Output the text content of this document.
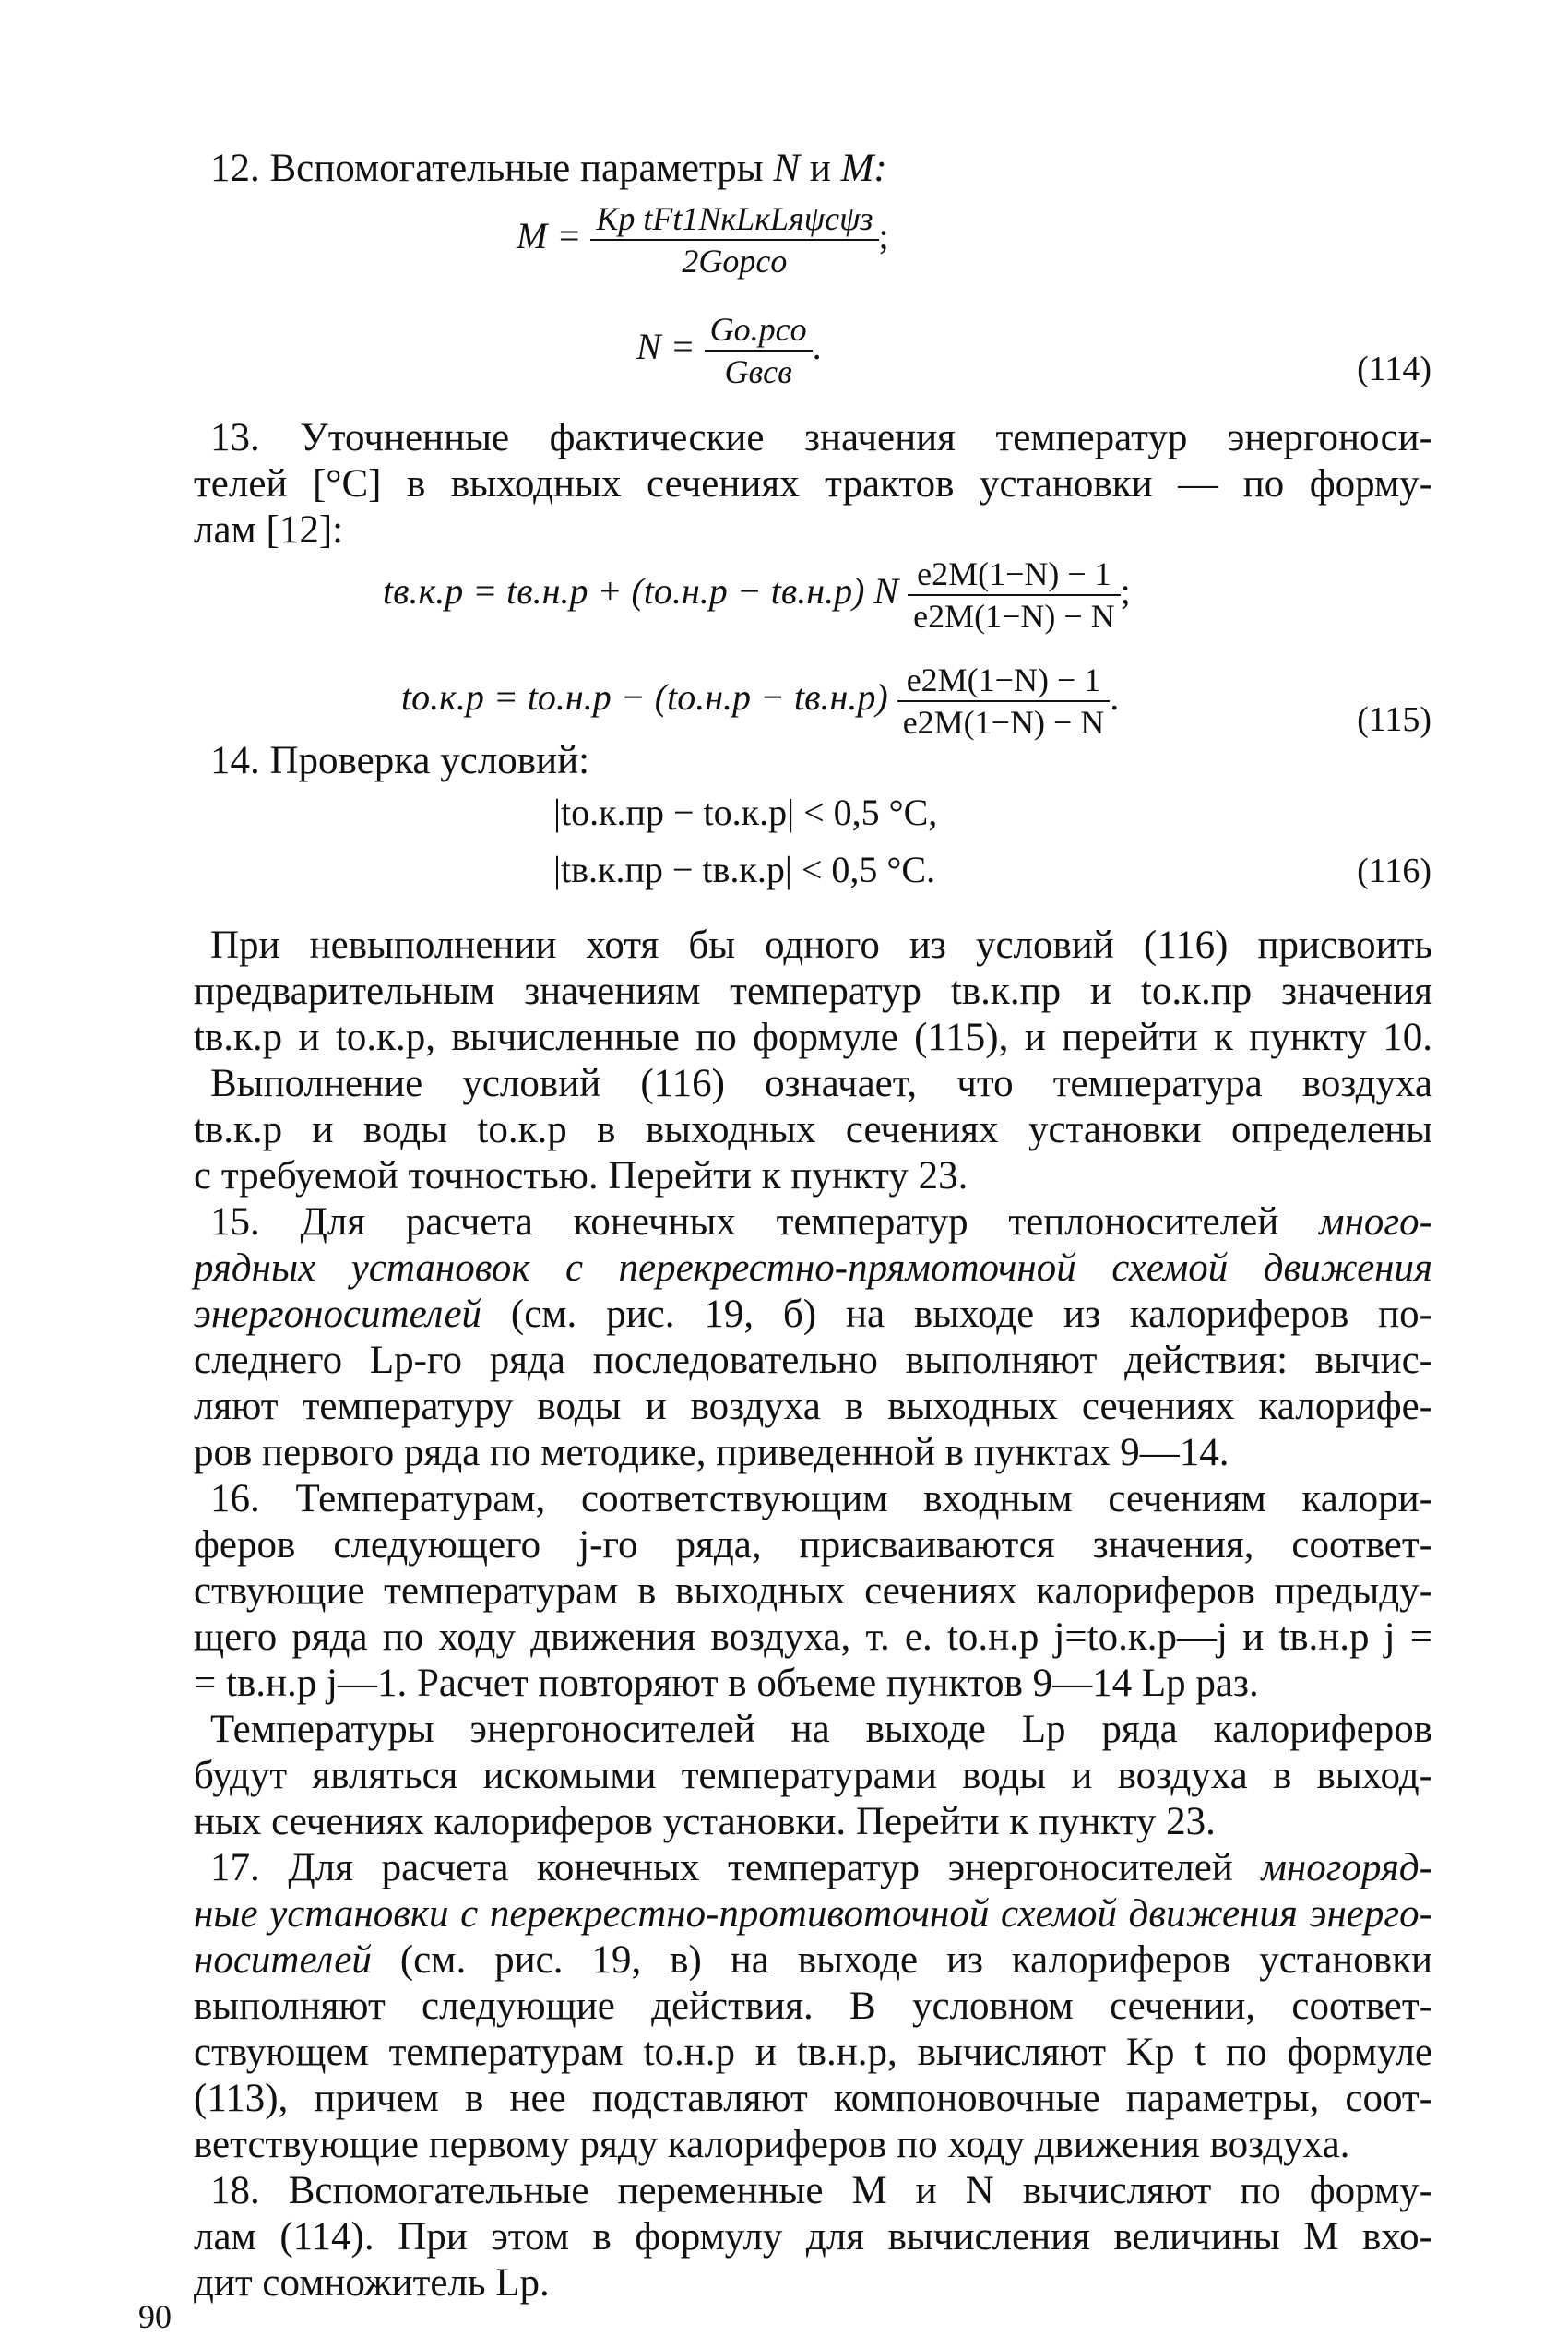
12. Вспомогательные параметры N и M:
$M = \frac{\text{Kр tFt1NкLкLяψсψз}}{\text{2Gорcо}}$ ;
$N = \frac{\text{Gо.рcо}}{\text{Gвcв}}$ .
(114)
13. Уточненные фактические значения температур энергоноси-
телей [°С] в выходных сечениях трактов установки — по форму-
лам [12]:
tв.к.р = tв.н.р + (tо.н.р − tв.н.р) N $\frac{e2M(1-N) - 1}{e2M(1-N) - N}$ ;
$tо.к.р = tо.н.р - (tо.н.р - tв.н.р) \frac{e2M(1-N) - 1}{e2M(1-N) - N}$ .
(115)
14. Проверка условий:
|tо.к.пр − tо.к.р| < 0,5 °С,
|tв.к.пр − tв.к.р| < 0,5 °С.	(116)
При невыполнении хотя бы одного из условий (116) присвоить
предварительным значениям температур tв.к.пр и tо.к.пр значения
tв.к.р и tо.к.р, вычисленные по формуле (115), и перейти к пункту 10.
Выполнение условий (116) означает, что температура воздуха
tв.к.р и воды tо.к.р в выходных сечениях установки определены
с требуемой точностью. Перейти к пункту 23.
15. Для расчета конечных температур теплоносителей много-
рядных установок с перекрестно-прямоточной схемой движения
энергоносителей (см. рис. 19, б) на выходе из калориферов по-
следнего Lр-го ряда последовательно выполняют действия: вычис-
ляют температуру воды и воздуха в выходных сечениях калорифе-
ров первого ряда по методике, приведенной в пунктах 9—14.
16. Температурам, соответствующим входным сечениям калори-
феров следующего j-го ряда, присваиваются значения, соответ-
ствующие температурам в выходных сечениях калориферов предыду-
щего ряда по ходу движения воздуха, т. е. tо.н.р j=tо.к.р—j и tв.н.р j =
= tв.н.р j—1. Расчет повторяют в объеме пунктов 9—14 Lр раз.
Температуры энергоносителей на выходе Lр ряда калориферов
будут являться искомыми температурами воды и воздуха в выход-
ных сечениях калориферов установки. Перейти к пункту 23.
17. Для расчета конечных температур энергоносителей многоряд-
ные установки с перекрестно-противоточной схемой движения энерго-
носителей (см. рис. 19, в) на выходе из калориферов установки
выполняют следующие действия. В условном сечении, соответ-
ствующем температурам tо.н.р и tв.н.р, вычисляют Kр t по формуле
(113), причем в нее подставляют компоновочные параметры, соот-
ветствующие первому ряду калориферов по ходу движения воздуха.
18. Вспомогательные переменные M и N вычисляют по форму-
лам (114). При этом в формулу для вычисления величины M вхо-
дит сомножитель Lр.
90
